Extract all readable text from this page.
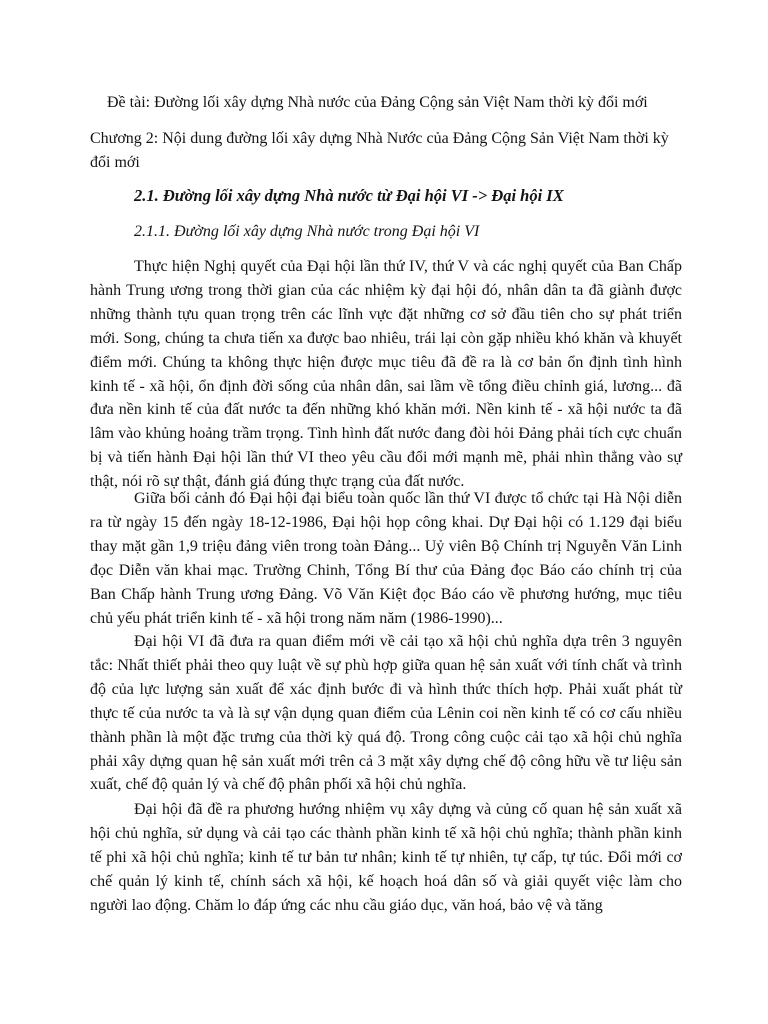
Đề tài: Đường lối xây dựng Nhà nước của Đảng Cộng sản Việt Nam thời kỳ đổi mới

Chương 2: Nội dung đường lối xây dựng Nhà Nước của Đảng Cộng Sản Việt Nam thời kỳ đổi mới

2.1. Đường lối xây dựng Nhà nước từ Đại hội VI -> Đại hội IX

2.1.1. Đường lối xây dựng Nhà nước trong Đại hội VI

Thực hiện Nghị quyết của Đại hội lần thứ IV, thứ V và các nghị quyết của Ban Chấp hành Trung ương trong thời gian của các nhiệm kỳ đại hội đó, nhân dân ta đã giành được những thành tựu quan trọng trên các lĩnh vực đặt những cơ sở đầu tiên cho sự phát triển mới. Song, chúng ta chưa tiến xa được bao nhiêu, trái lại còn gặp nhiều khó khăn và khuyết điểm mới. Chúng ta không thực hiện được mục tiêu đã đề ra là cơ bản ổn định tình hình kinh tế - xã hội, ổn định đời sống của nhân dân, sai lầm về tổng điều chỉnh giá, lương... đã đưa nền kinh tế của đất nước ta đến những khó khăn mới. Nền kinh tế - xã hội nước ta đã lâm vào khủng hoảng trầm trọng. Tình hình đất nước đang đòi hỏi Đảng phải tích cực chuẩn bị và tiến hành Đại hội lần thứ VI theo yêu cầu đổi mới mạnh mẽ, phải nhìn thẳng vào sự thật, nói rõ sự thật, đánh giá đúng thực trạng của đất nước.

Giữa bối cảnh đó Đại hội đại biểu toàn quốc lần thứ VI được tổ chức tại Hà Nội diễn ra từ ngày 15 đến ngày 18-12-1986, Đại hội họp công khai. Dự Đại hội có 1.129 đại biểu thay mặt gần 1,9 triệu đảng viên trong toàn Đảng... Uỷ viên Bộ Chính trị Nguyễn Văn Linh đọc Diễn văn khai mạc. Trường Chinh, Tổng Bí thư của Đảng đọc Báo cáo chính trị của Ban Chấp hành Trung ương Đảng. Võ Văn Kiệt đọc Báo cáo về phương hướng, mục tiêu chủ yếu phát triển kinh tế - xã hội trong năm năm (1986-1990)...

Đại hội VI đã đưa ra quan điểm mới về cải tạo xã hội chủ nghĩa dựa trên 3 nguyên tắc: Nhất thiết phải theo quy luật về sự phù hợp giữa quan hệ sản xuất với tính chất và trình độ của lực lượng sản xuất để xác định bước đi và hình thức thích hợp. Phải xuất phát từ thực tế của nước ta và là sự vận dụng quan điểm của Lênin coi nền kinh tế có cơ cấu nhiều thành phần là một đặc trưng của thời kỳ quá độ. Trong công cuộc cải tạo xã hội chủ nghĩa phải xây dựng quan hệ sản xuất mới trên cả 3 mặt xây dựng chế độ công hữu về tư liệu sản xuất, chế độ quản lý và chế độ phân phối xã hội chủ nghĩa.

Đại hội đã đề ra phương hướng nhiệm vụ xây dựng và củng cố quan hệ sản xuất xã hội chủ nghĩa, sử dụng và cải tạo các thành phần kinh tế xã hội chủ nghĩa; thành phần kinh tế phi xã hội chủ nghĩa; kinh tế tư bản tư nhân; kinh tế tự nhiên, tự cấp, tự túc. Đổi mới cơ chế quản lý kinh tế, chính sách xã hội, kế hoạch hoá dân số và giải quyết việc làm cho người lao động. Chăm lo đáp ứng các nhu cầu giáo dục, văn hoá, bảo vệ và tăng
